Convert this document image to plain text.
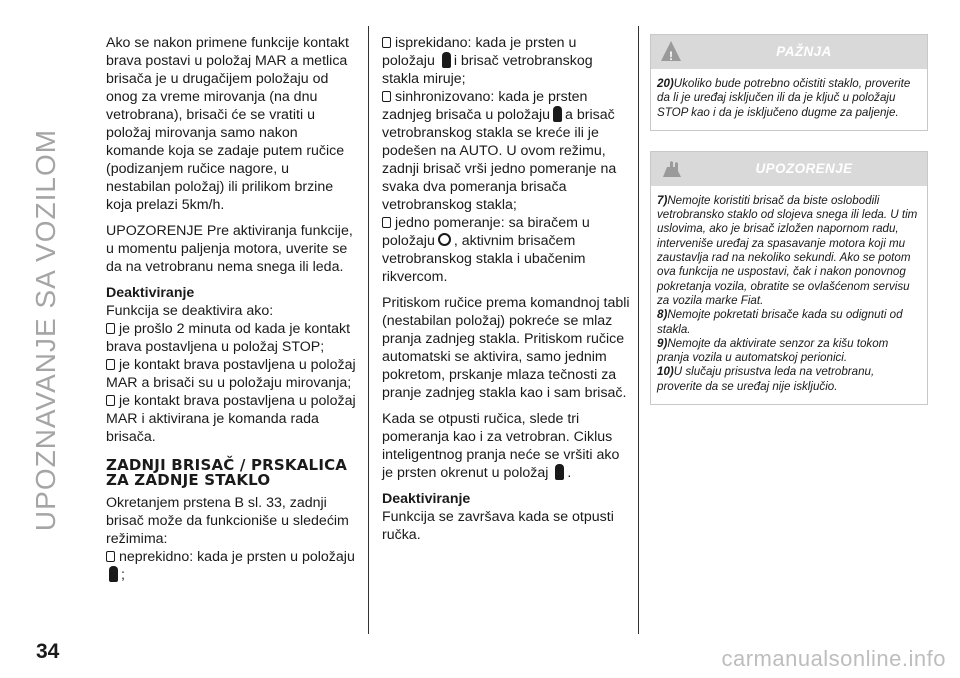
UPOZNAVANJE SA VOZILOM

Ako se nakon primene funkcije kontakt brava postavi u položaj MAR a metlica brisača je u drugačijem položaju od onog za vreme mirovanja (na dnu vetrobrana), brisači će se vratiti u položaj mirovanja samo nakon komande koja se zadaje putem ručice (podizanjem ručice nagore, u nestabilan položaj) ili prilikom brzine koja prelazi 5km/h.

UPOZORENJE Pre aktiviranja funkcije, u momentu paljenja motora, uverite se da na vetrobranu nema snega ili leda.

Deaktiviranje

Funkcija se deaktivira ako:

je prošlo 2 minuta od kada je kontakt brava postavljena u položaj STOP;
je kontakt brava postavljena u položaj MAR a brisači su u položaju mirovanja;
je kontakt brava postavljena u položaj MAR i aktivirana je komanda rada brisača.
ZADNJI BRISAČ / PRSKALICA ZA ZADNJE STAKLO

Okretanjem prstena B sl. 33, zadnji brisač može da funkcioniše u sledećim režimima:

neprekidno: kada je prsten u položaju;
isprekidano: kada je prsten u položaju i brisač vetrobranskog stakla miruje;
sinhronizovano: kada je prsten zadnjeg brisača u položaju a brisač vetrobranskog stakla se kreće ili je podešen na AUTO. U ovom režimu, zadnji brisač vrši jedno pomeranje na svaka dva pomeranja brisača vetrobranskog stakla;
jedno pomeranje: sa biračem u položaju , aktivnim brisačem vetrobranskog stakla i ubačenim rikvercom.

Pritiskom ručice prema komandnoj tabli (nestabilan položaj) pokreće se mlaz pranja zadnjeg stakla. Pritiskom ručice automatski se aktivira, samo jednim pokretom, prskanje mlaza tečnosti za pranje zadnjeg stakla kao i sam brisač.

Kada se otpusti ručica, slede tri pomeranja kao i za vetrobran. Ciklus inteligentnog pranja neće se vršiti ako je prsten okrenut u položaj .

Deaktiviranje

Funkcija se završava kada se otpusti ručka.

!
PAŽNJA
20)Ukoliko bude potrebno očistiti staklo, proverite da li je uređaj isključen ili da je ključ u položaju STOP kao i da je isključeno dugme za paljenje.
UPOZORENJE
7)Nemojte koristiti brisač da biste oslobodili vetrobransko staklo od slojeva snega ili leda. U tim uslovima, ako je brisač izložen napornom radu, interveniše uređaj za spasavanje motora koji mu zaustavlja rad na nekoliko sekundi. Ako se potom ova funkcija ne uspostavi, čak i nakon ponovnog pokretanja vozila, obratite se ovlašćenom servisu za vozila marke Fiat.
8)Nemojte pokretati brisače kada su odignuti od stakla.
9)Nemojte da aktivirate senzor za kišu tokom pranja vozila u automatskoj perionici.
10)U slučaju prisustva leda na vetrobranu, proverite da se uređaj nije isključio.
34	carmanualsonline.info
